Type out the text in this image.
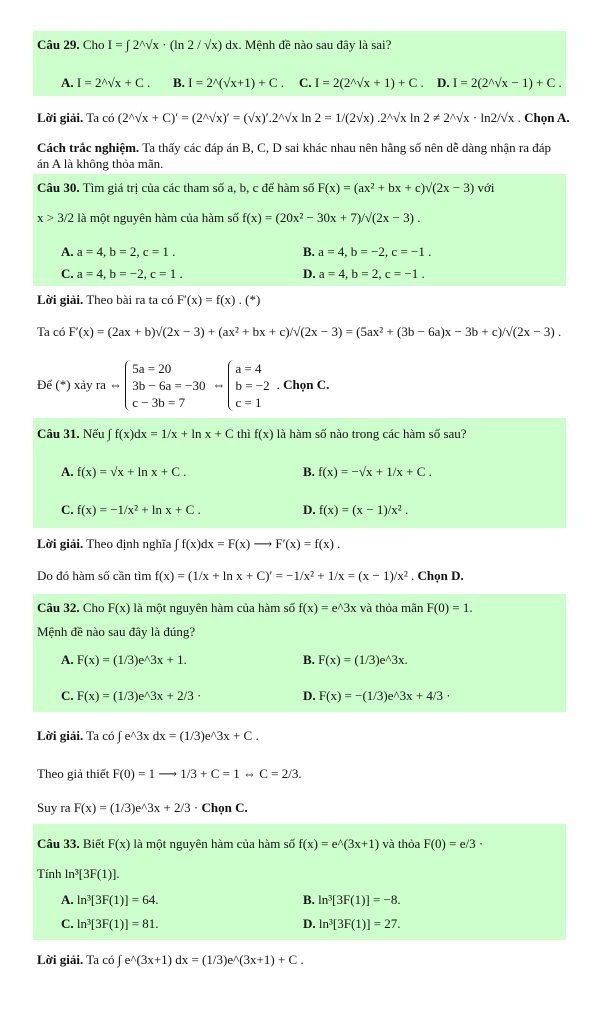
Câu 29. Cho I = ∫ 2^√x · (ln 2 / √x) dx. Mệnh đề nào sau đây là sai?
A. I = 2^√x + C . B. I = 2^(√x+1) + C . C. I = 2(2^√x + 1) + C . D. I = 2(2^√x − 1) + C .
Lời giải. Ta có (2^√x + C)′ = (2^√x)′ = (√x)′.2^√x ln 2 = 1/(2√x) .2^√x ln 2 ≠ 2^√x · ln2/√x . Chọn A.
Cách trắc nghiệm. Ta thấy các đáp án B, C, D sai khác nhau nên hằng số nên dễ dàng nhận ra đáp án A là không thỏa mãn.
Câu 30. Tìm giá trị của các tham số a, b, c để hàm số F(x) = (ax² + bx + c)√(2x − 3) với
x > 3/2 là một nguyên hàm của hàm số f(x) = (20x² − 30x + 7)/√(2x − 3) .
A. a = 4, b = 2, c = 1 .	B. a = 4, b = −2, c = −1 .
C. a = 4, b = −2, c = 1 .	D. a = 4, b = 2, c = −1 .
Lời giải. Theo bài ra ta có F′(x) = f(x) . (*)
Ta có F′(x) = (2ax + b)√(2x − 3) + (ax² + bx + c)/√(2x − 3) = (5ax² + (3b − 6a)x − 3b + c)/√(2x − 3) .
Để (*) xảy ra ⇔
5a = 20
3b − 6a = −30
c − 3b = 7
⇔
a = 4
b = −2
c = 1
. Chọn C.
Câu 31. Nếu ∫ f(x)dx = 1/x + ln x + C thì f(x) là hàm số nào trong các hàm số sau?
A. f(x) = √x + ln x + C .	B. f(x) = −√x + 1/x + C .
C. f(x) = −1/x² + ln x + C .	D. f(x) = (x − 1)/x² .
Lời giải. Theo định nghĩa ∫ f(x)dx = F(x) ⟶ F′(x) = f(x) .
Do đó hàm số cần tìm f(x) = (1/x + ln x + C)′ = −1/x² + 1/x = (x − 1)/x² . Chọn D.
Câu 32. Cho F(x) là một nguyên hàm của hàm số f(x) = e^3x và thỏa mãn F(0) = 1.
Mệnh đề nào sau đây là đúng?
A. F(x) = (1/3)e^3x + 1.	B. F(x) = (1/3)e^3x.
C. F(x) = (1/3)e^3x + 2/3 ·	D. F(x) = −(1/3)e^3x + 4/3 ·
Lời giải. Ta có ∫ e^3x dx = (1/3)e^3x + C .
Theo giả thiết F(0) = 1 ⟶ 1/3 + C = 1 ⇔ C = 2/3.
Suy ra F(x) = (1/3)e^3x + 2/3 · Chọn C.
Câu 33. Biết F(x) là một nguyên hàm của hàm số f(x) = e^(3x+1) và thỏa F(0) = e/3 ·
Tính ln³[3F(1)].
A. ln³[3F(1)] = 64.	B. ln³[3F(1)] = −8.
C. ln³[3F(1)] = 81.	D. ln³[3F(1)] = 27.
Lời giải. Ta có ∫ e^(3x+1) dx = (1/3)e^(3x+1) + C .
